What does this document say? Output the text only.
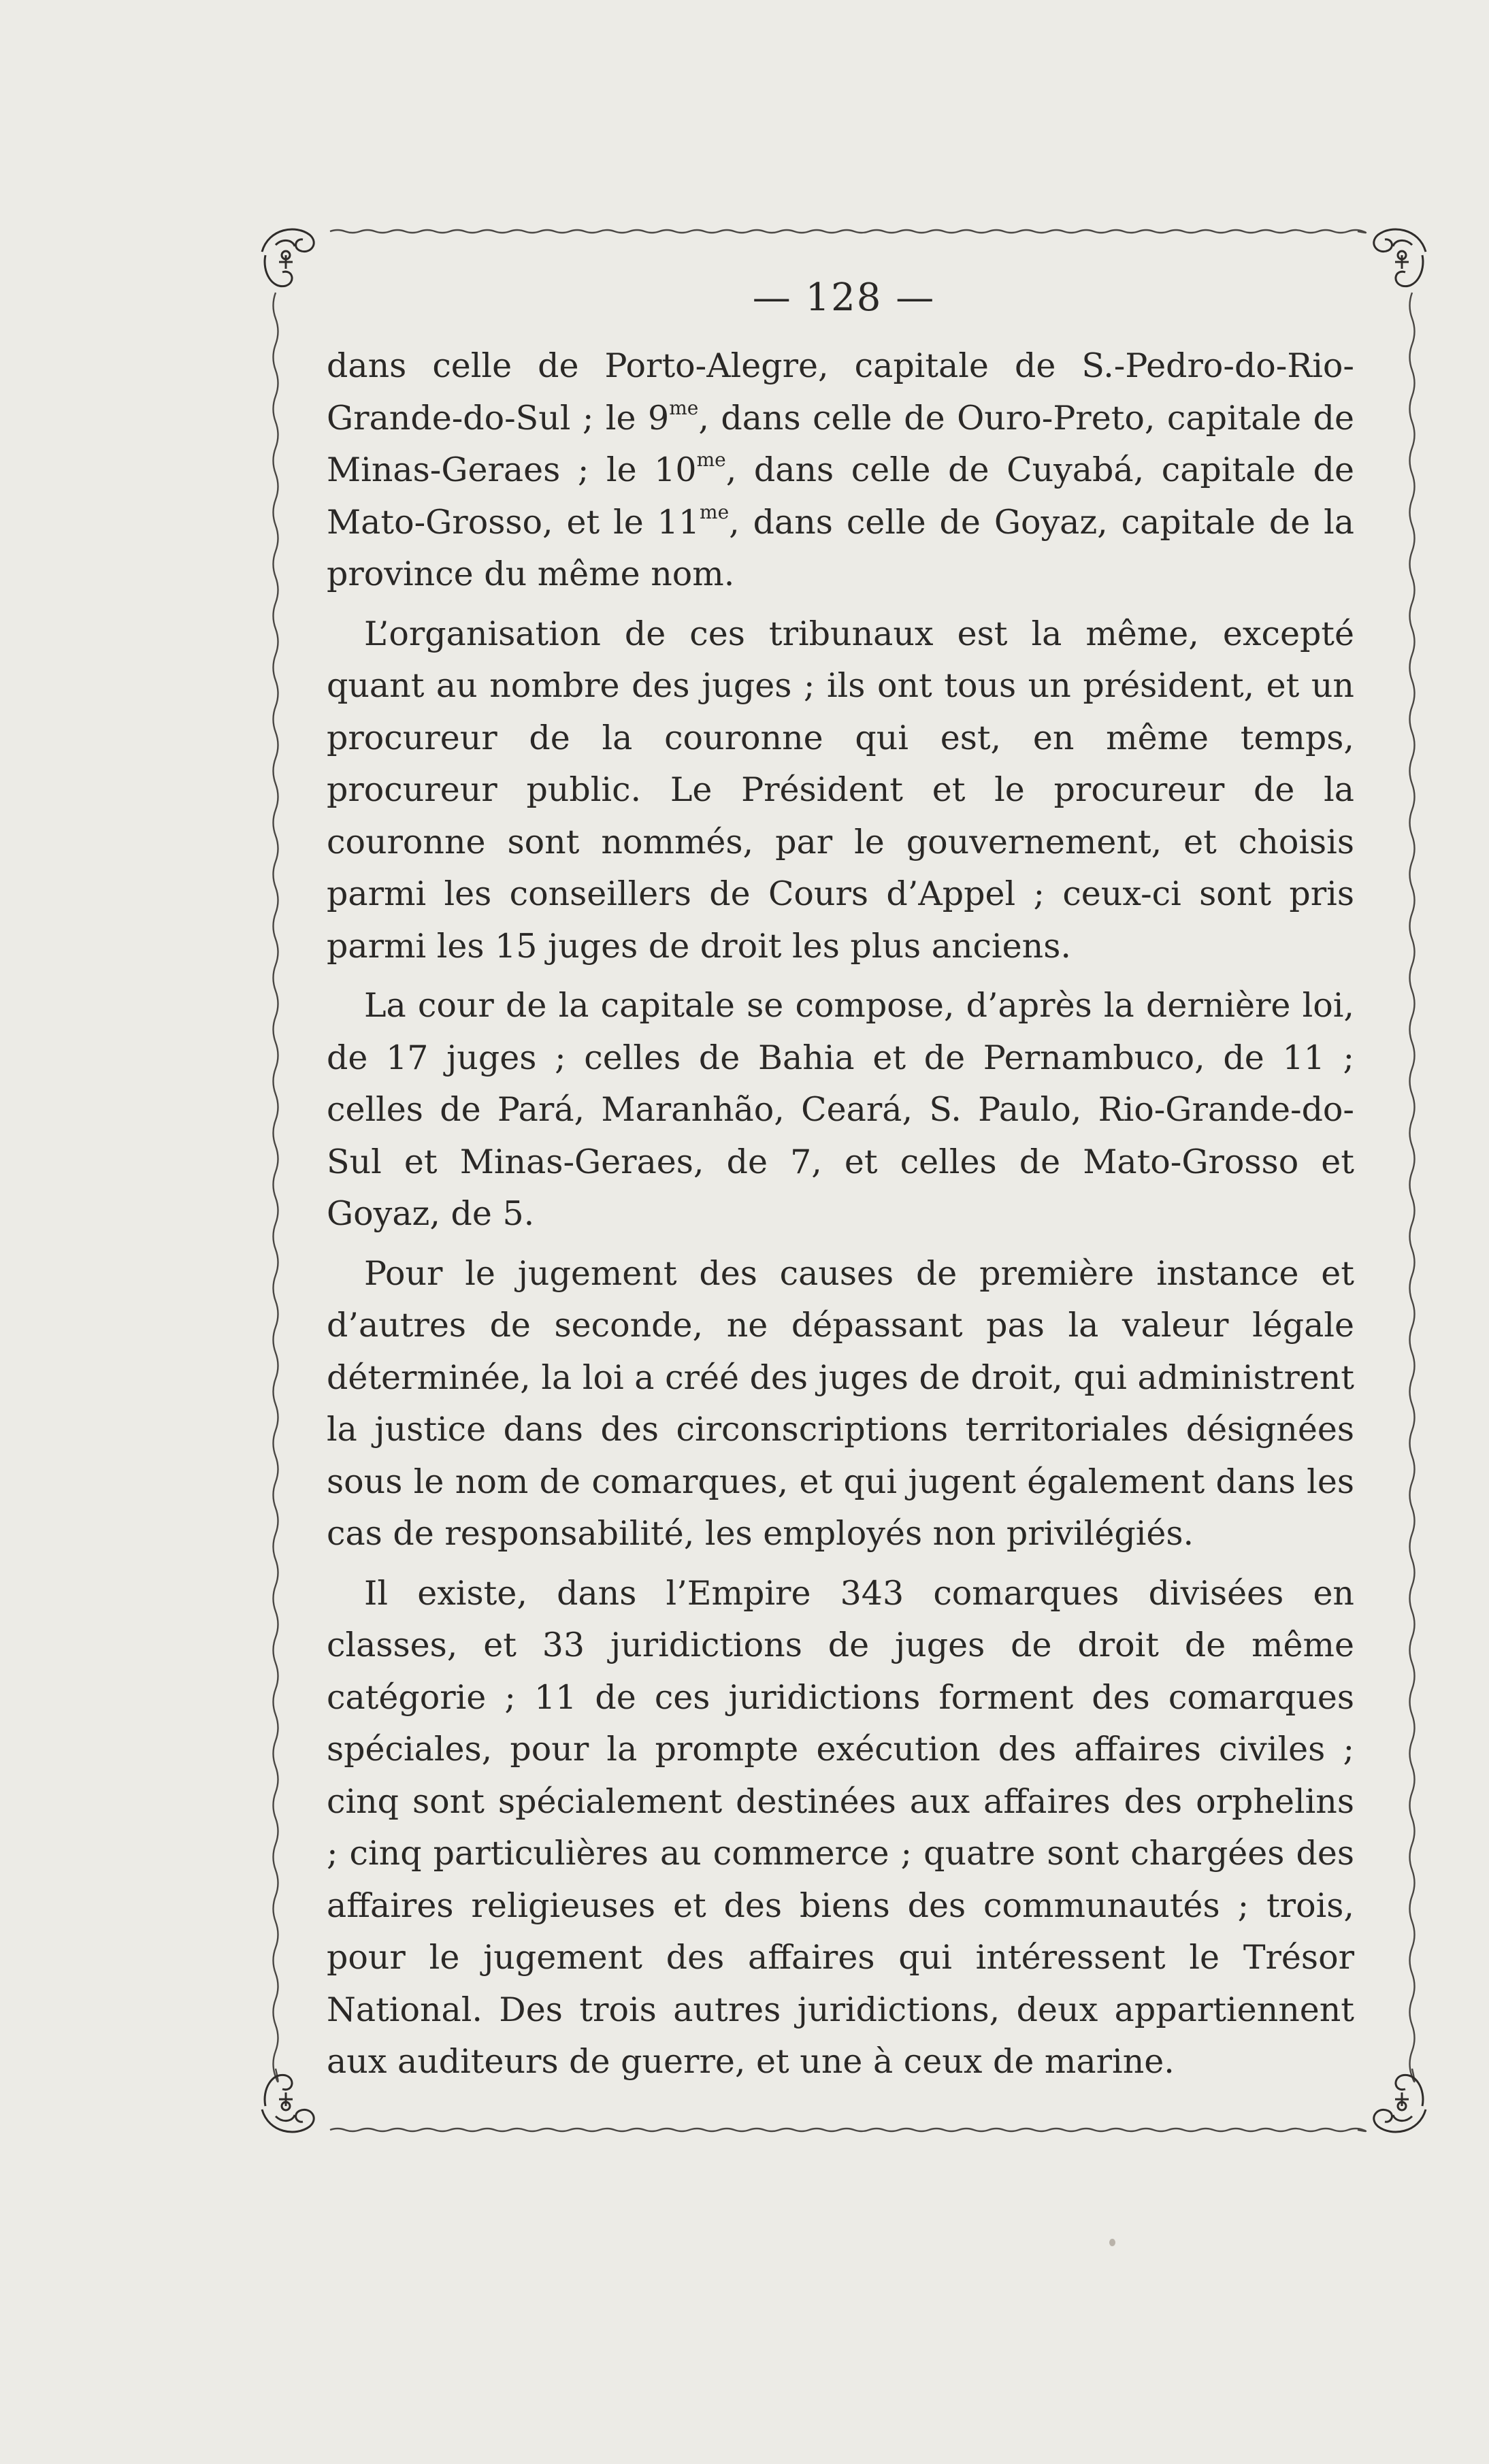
— 128 —

dans celle de Porto-Alegre, capitale de S.-Pedro-do-Rio-Grande-do-Sul ; le $9^{me}$, dans celle de Ouro-Preto, capitale de Minas-Geraes ; le $10^{me}$, dans celle de Cuyabá, capitale de Mato-Grosso, et le $11^{me}$, dans celle de Goyaz, capitale de la province du même nom.

L’organisation de ces tribunaux est la même, excepté quant au nombre des juges ; ils ont tous un président, et un procureur de la couronne qui est, en même temps, procureur public. Le Président et le procureur de la couronne sont nommés, par le gouvernement, et choisis parmi les conseillers de Cours d’Appel ; ceux-ci sont pris parmi les 15 juges de droit les plus anciens.

La cour de la capitale se compose, d’après la dernière loi, de 17 juges ; celles de Bahia et de Pernambuco, de 11 ; celles de Pará, Maranhão, Ceará, S. Paulo, Rio-Grande-do-Sul et Minas-Geraes, de 7, et celles de Mato-Grosso et Goyaz, de 5.

Pour le jugement des causes de première instance et d’autres de seconde, ne dépassant pas la valeur légale déterminée, la loi a créé des juges de droit, qui administrent la justice dans des circonscriptions territoriales désignées sous le nom de comarques, et qui jugent également dans les cas de responsabilité, les employés non privilégiés.

Il existe, dans l’Empire 343 comarques divisées en classes, et 33 juridictions de juges de droit de même catégorie ; 11 de ces juridictions forment des comarques spéciales, pour la prompte exécution des affaires civiles ; cinq sont spécialement destinées aux affaires des orphelins ; cinq particulières au commerce ; quatre sont chargées des affaires religieuses et des biens des communautés ; trois, pour le jugement des affaires qui intéressent le Trésor National. Des trois autres juridictions, deux appartiennent aux auditeurs de guerre, et une à ceux de marine.
